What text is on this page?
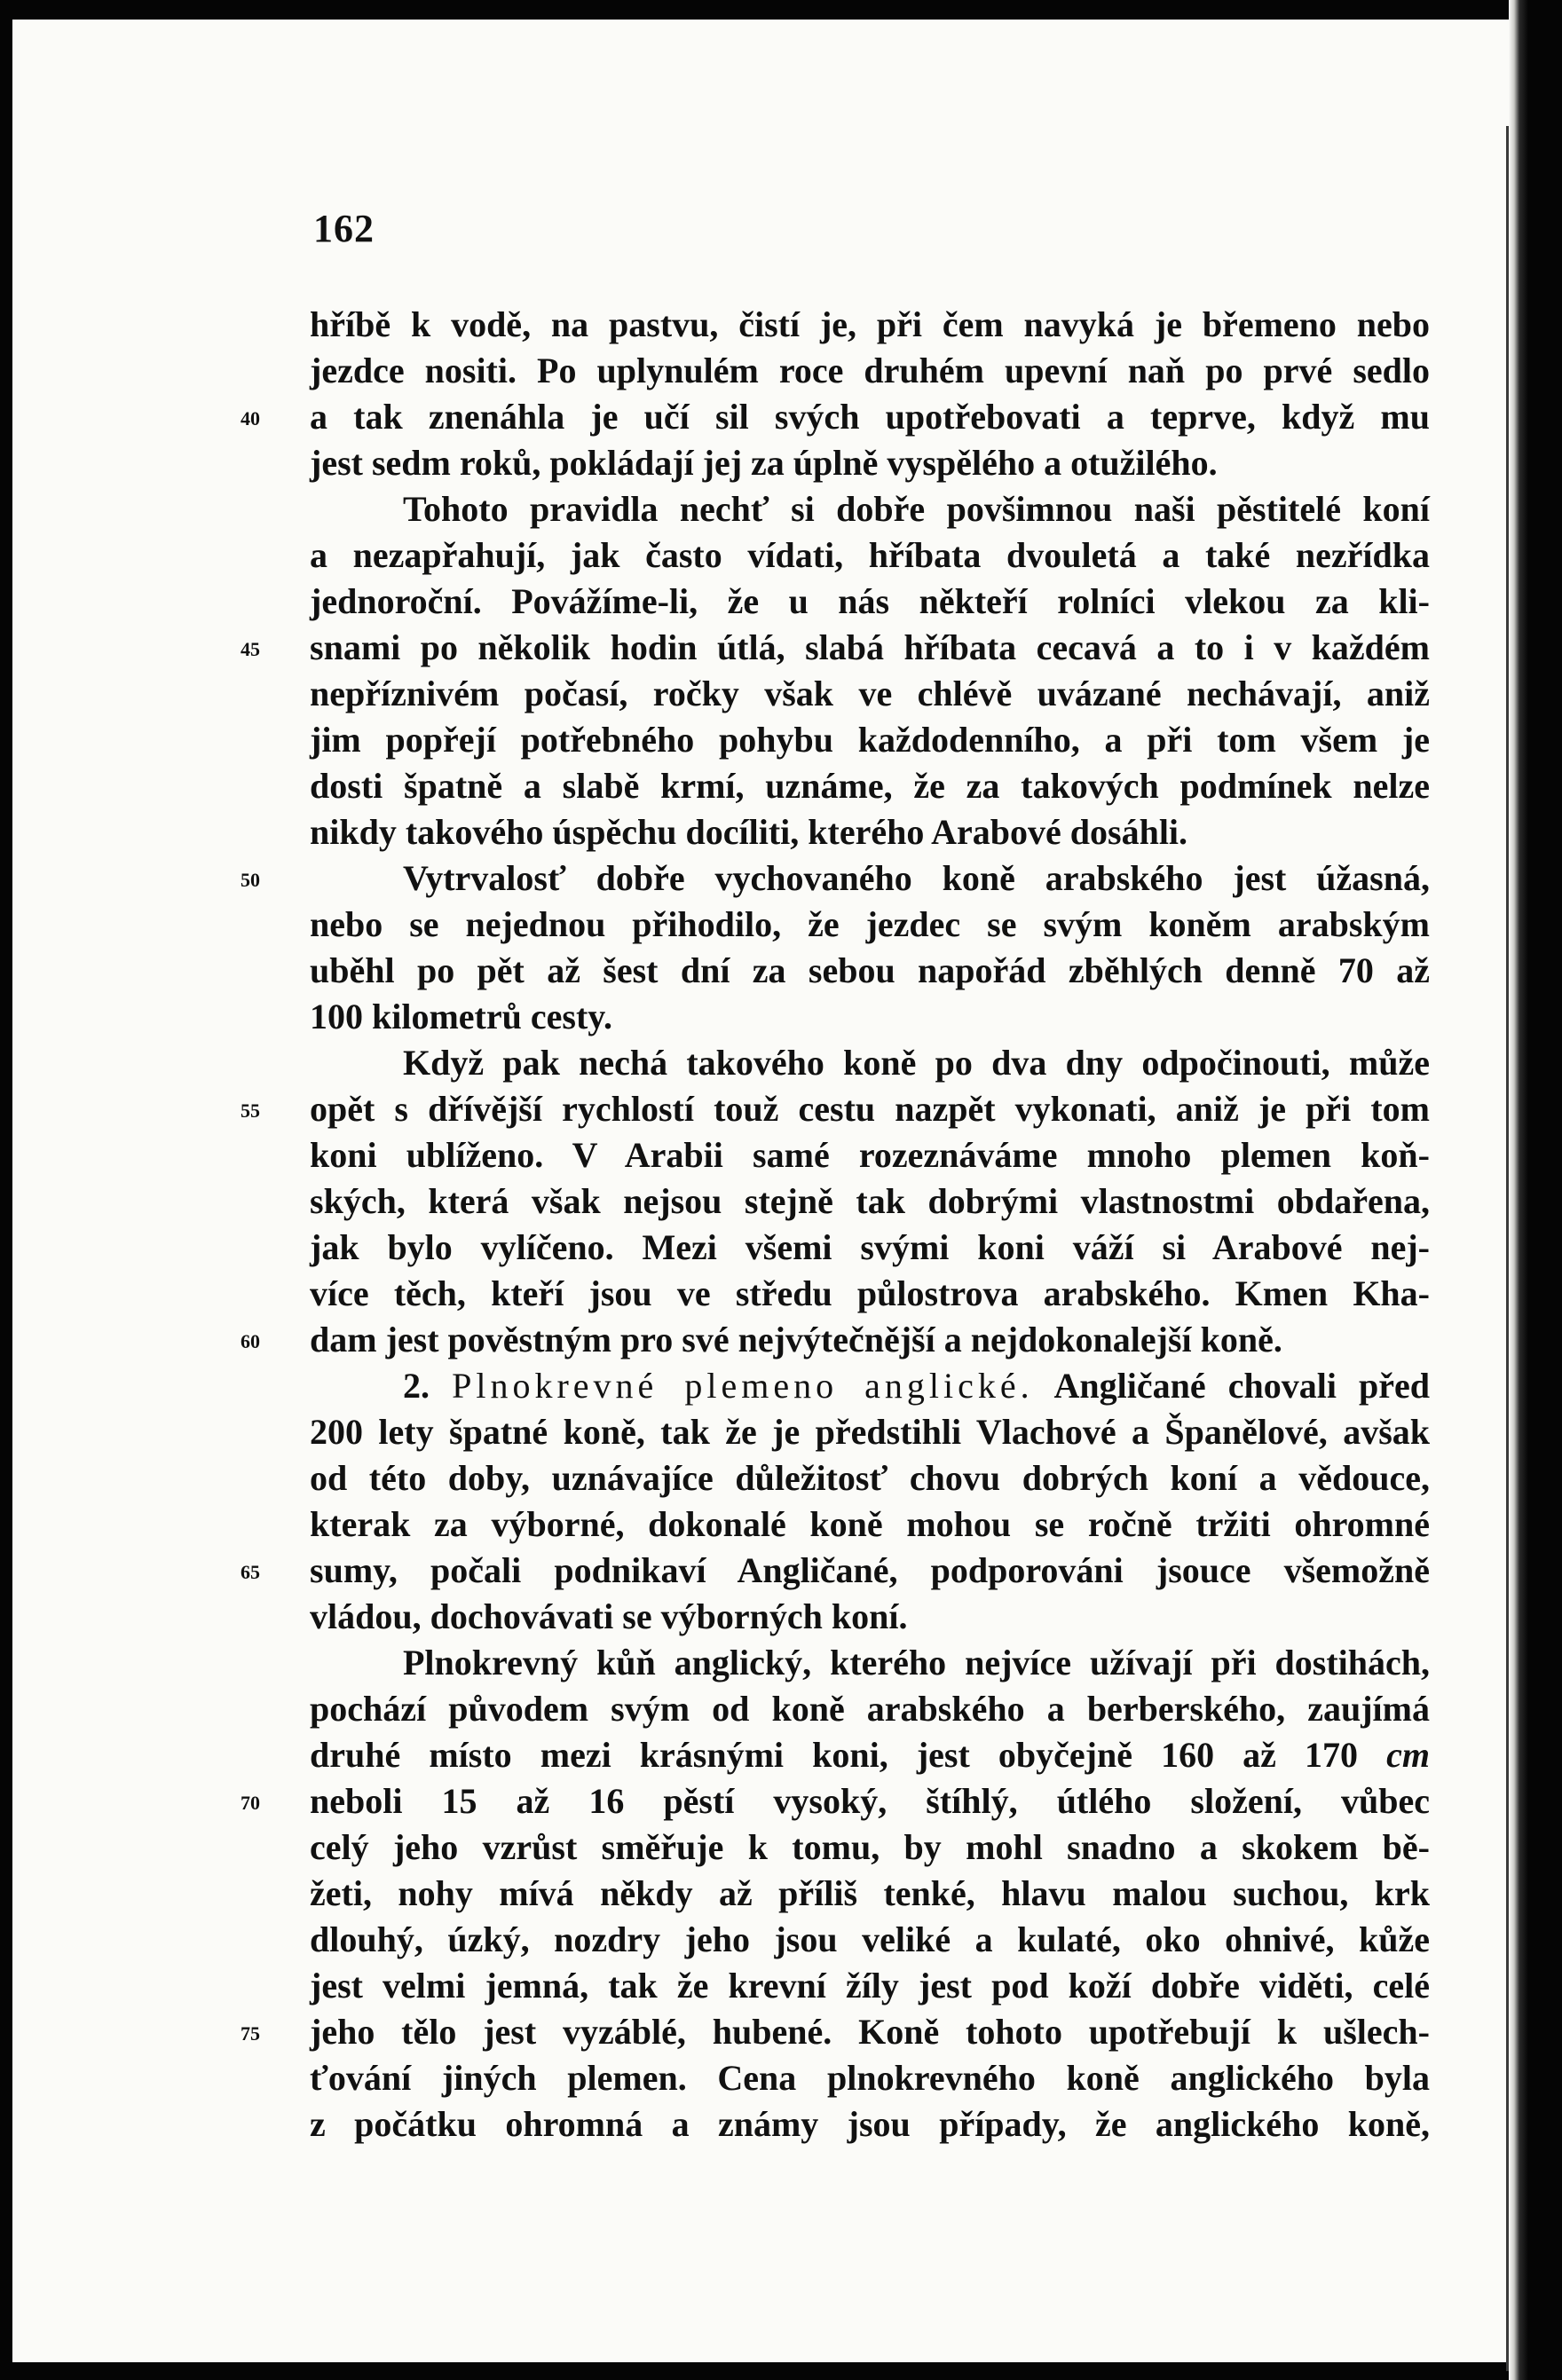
162
40
45
50
55
60
65
70
75
hříbě k vodě, na pastvu, čistí je, při čem navyká je břemeno nebo
jezdce nositi. Po uplynulém roce druhém upevní naň po prvé sedlo
a tak znenáhla je učí sil svých upotřebovati a teprve, když mu
jest sedm roků, pokládají jej za úplně vyspělého a otužilého.
Tohoto pravidla nechť si dobře povšimnou naši pěstitelé koní
a nezapřahují, jak často vídati, hříbata dvouletá a také nezřídka
jednoroční. Povážíme-li, že u nás někteří rolníci vlekou za kli-
snami po několik hodin útlá, slabá hříbata cecavá a to i v každém
nepříznivém počasí, ročky však ve chlévě uvázané nechávají, aniž
jim popřejí potřebného pohybu každodenního, a při tom všem je
dosti špatně a slabě krmí, uznáme, že za takových podmínek nelze
nikdy takového úspěchu docíliti, kterého Arabové dosáhli.
Vytrvalosť dobře vychovaného koně arabského jest úžasná,
nebo se nejednou přihodilo, že jezdec se svým koněm arabským
uběhl po pět až šest dní za sebou napořád zběhlých denně 70 až
100 kilometrů cesty.
Když pak nechá takového koně po dva dny odpočinouti, může
opět s dřívější rychlostí touž cestu nazpět vykonati, aniž je při tom
koni ublíženo. V Arabii samé rozeznáváme mnoho plemen koň-
ských, která však nejsou stejně tak dobrými vlastnostmi obdařena,
jak bylo vylíčeno. Mezi všemi svými koni váží si Arabové nej-
více těch, kteří jsou ve středu půlostrova arabského. Kmen Kha-
dam jest pověstným pro své nejvýtečnější a nejdokonalejší koně.
2. Plnokrevné plemeno anglické. Angličané chovali před
200 lety špatné koně, tak že je předstihli Vlachové a Španělové, avšak
od této doby, uznávajíce důležitosť chovu dobrých koní a vědouce,
kterak za výborné, dokonalé koně mohou se ročně tržiti ohromné
sumy, počali podnikaví Angličané, podporováni jsouce všemožně
vládou, dochovávati se výborných koní.
Plnokrevný kůň anglický, kterého nejvíce užívají při dostihách,
pochází původem svým od koně arabského a berberského, zaujímá
druhé místo mezi krásnými koni, jest obyčejně 160 až 170 cm
neboli 15 až 16 pěstí vysoký, štíhlý, útlého složení, vůbec
celý jeho vzrůst směřuje k tomu, by mohl snadno a skokem bě-
žeti, nohy mívá někdy až příliš tenké, hlavu malou suchou, krk
dlouhý, úzký, nozdry jeho jsou veliké a kulaté, oko ohnivé, kůže
jest velmi jemná, tak že krevní žíly jest pod koží dobře viděti, celé
jeho tělo jest vyzáblé, hubené. Koně tohoto upotřebují k ušlech-
ťování jiných plemen. Cena plnokrevného koně anglického byla
z počátku ohromná a známy jsou případy, že anglického koně,
